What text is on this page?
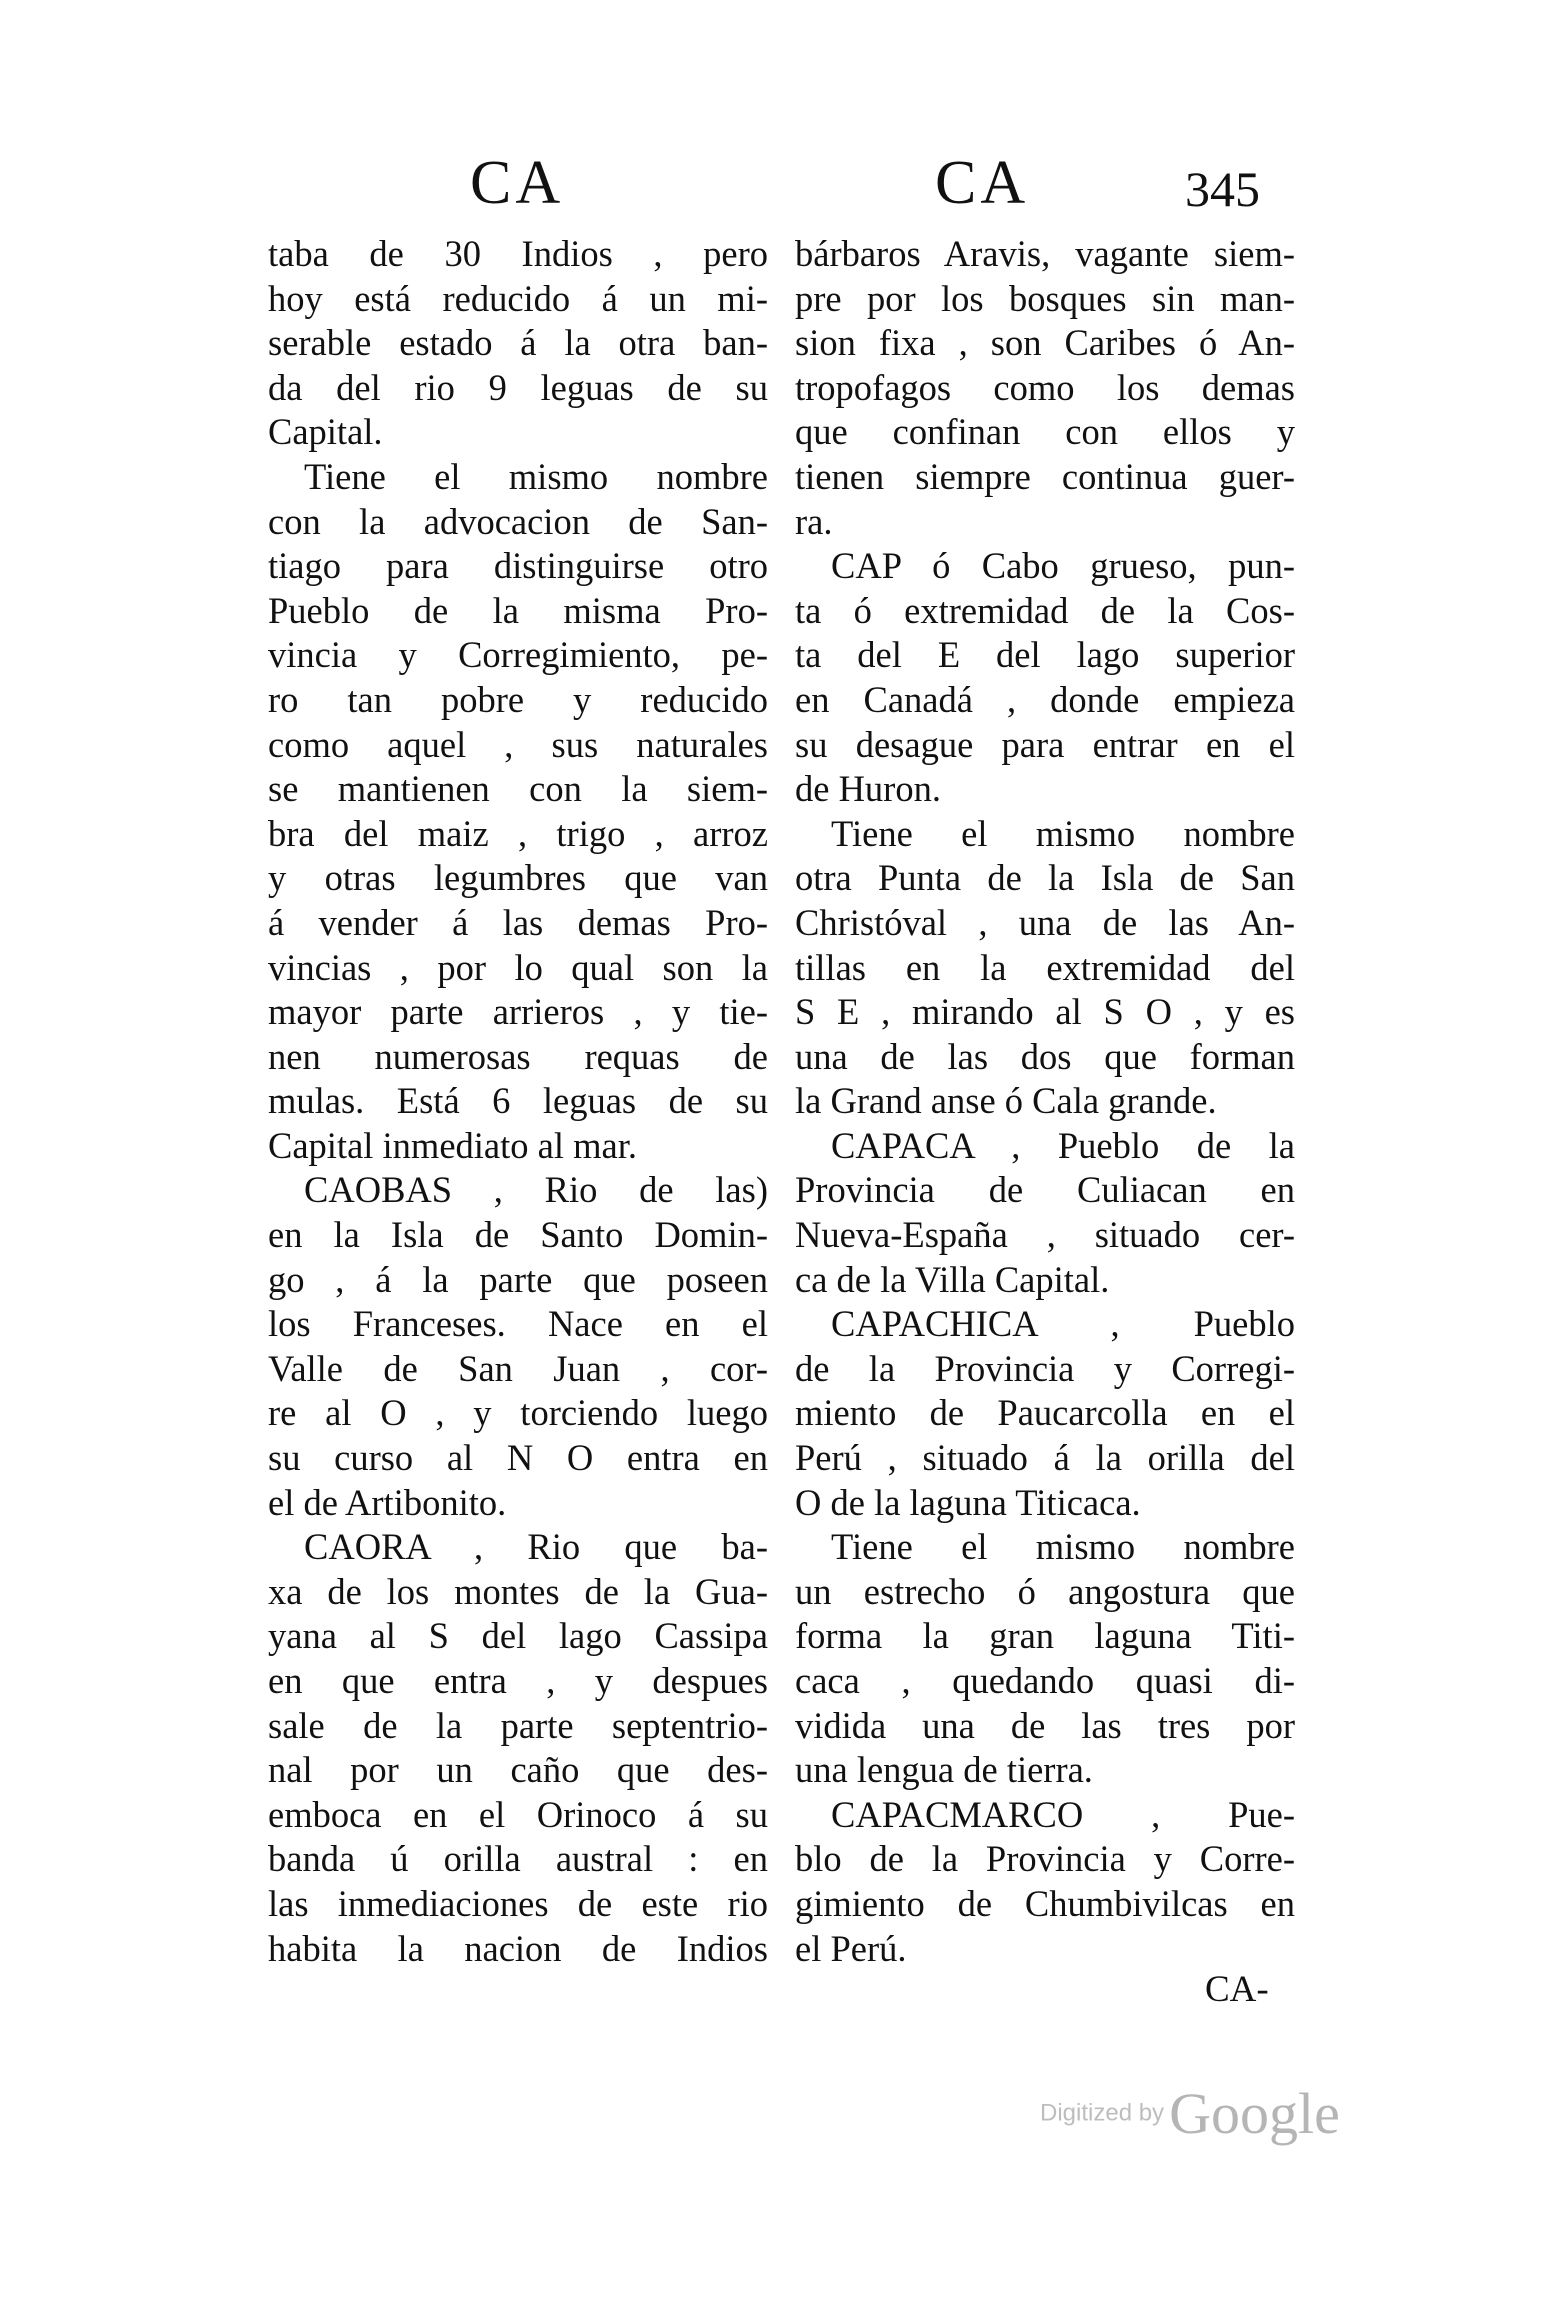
CA	CA	345
taba de 30 Indios , pero
hoy está reducido á un mi-
serable estado á la otra ban-
da del rio 9 leguas de su
Capital.
Tiene el mismo nombre
con la advocacion de San-
tiago para distinguirse otro
Pueblo de la misma Pro-
vincia y Corregimiento, pe-
ro tan pobre y reducido
como aquel , sus naturales
se mantienen con la siem-
bra del maiz , trigo , arroz
y otras legumbres que van
á vender á las demas Pro-
vincias , por lo qual son la
mayor parte arrieros , y tie-
nen numerosas requas de
mulas. Está 6 leguas de su
Capital inmediato al mar.
CAOBAS , Rio de las)
en la Isla de Santo Domin-
go , á la parte que poseen
los Franceses. Nace en el
Valle de San Juan , cor-
re al O , y torciendo luego
su curso al N O entra en
el de Artibonito.
CAORA , Rio que ba-
xa de los montes de la Gua-
yana al S del lago Cassipa
en que entra , y despues
sale de la parte septentrio-
nal por un caño que des-
emboca en el Orinoco á su
banda ú orilla austral : en
las inmediaciones de este rio
habita la nacion de Indios
bárbaros Aravis, vagante siem-
pre por los bosques sin man-
sion fixa , son Caribes ó An-
tropofagos como los demas
que confinan con ellos y
tienen siempre continua guer-
ra.
CAP ó Cabo grueso, pun-
ta ó extremidad de la Cos-
ta del E del lago superior
en Canadá , donde empieza
su desague para entrar en el
de Huron.
Tiene el mismo nombre
otra Punta de la Isla de San
Christóval , una de las An-
tillas en la extremidad del
S E , mirando al S O , y es
una de las dos que forman
la Grand anse ó Cala grande.
CAPACA , Pueblo de la
Provincia de Culiacan en
Nueva-España , situado cer-
ca de la Villa Capital.
CAPACHICA , Pueblo
de la Provincia y Corregi-
miento de Paucarcolla en el
Perú , situado á la orilla del
O de la laguna Titicaca.
Tiene el mismo nombre
un estrecho ó angostura que
forma la gran laguna Titi-
caca , quedando quasi di-
vidida una de las tres por
una lengua de tierra.
CAPACMARCO , Pue-
blo de la Provincia y Corre-
gimiento de Chumbivilcas en
el Perú.
CA-
Digitized by Google
